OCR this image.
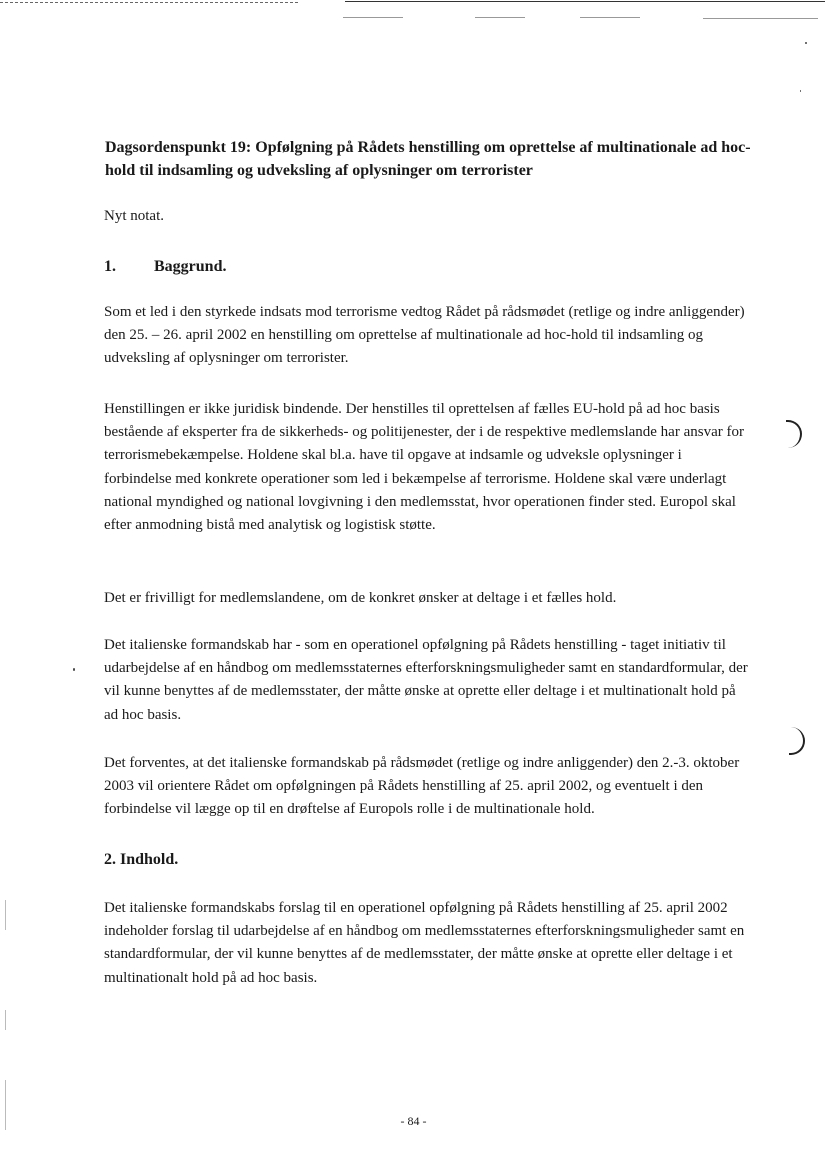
Dagsordenspunkt 19: Opfølgning på Rådets henstilling om oprettelse af multinationale ad hoc-hold til indsamling og udveksling af oplysninger om terrorister

Nyt notat.

1. Baggrund.

Som et led i den styrkede indsats mod terrorisme vedtog Rådet på rådsmødet (retlige og indre anliggender) den 25. – 26. april 2002 en henstilling om oprettelse af multinationale ad hoc-hold til indsamling og udveksling af oplysninger om terrorister.

Henstillingen er ikke juridisk bindende. Der henstilles til oprettelsen af fælles EU-hold på ad hoc basis bestående af eksperter fra de sikkerheds- og politijenester, der i de respektive medlemslande har ansvar for terrorismebekæmpelse. Holdene skal bl.a. have til opgave at indsamle og udveksle oplysninger i forbindelse med konkrete operationer som led i bekæmpelse af terrorisme. Holdene skal være underlagt national myndighed og national lovgivning i den medlemsstat, hvor operationen finder sted. Europol skal efter anmodning bistå med analytisk og logistisk støtte.

Det er frivilligt for medlemslandene, om de konkret ønsker at deltage i et fælles hold.

Det italienske formandskab har - som en operationel opfølgning på Rådets henstilling - taget initiativ til udarbejdelse af en håndbog om medlemsstaternes efterforskningsmuligheder samt en standardformular, der vil kunne benyttes af de medlemsstater, der måtte ønske at oprette eller deltage i et multinationalt hold på ad hoc basis.

Det forventes, at det italienske formandskab på rådsmødet (retlige og indre anliggender) den 2.-3. oktober 2003 vil orientere Rådet om opfølgningen på Rådets henstilling af 25. april 2002, og eventuelt i den forbindelse vil lægge op til en drøftelse af Europols rolle i de multinationale hold.

2. Indhold.

Det italienske formandskabs forslag til en operationel opfølgning på Rådets henstilling af 25. april 2002 indeholder forslag til udarbejdelse af en håndbog om medlemsstaternes efterforskningsmuligheder samt en standardformular, der vil kunne benyttes af de medlemsstater, der måtte ønske at oprette eller deltage i et multinationalt hold på ad hoc basis.

- 84 -
